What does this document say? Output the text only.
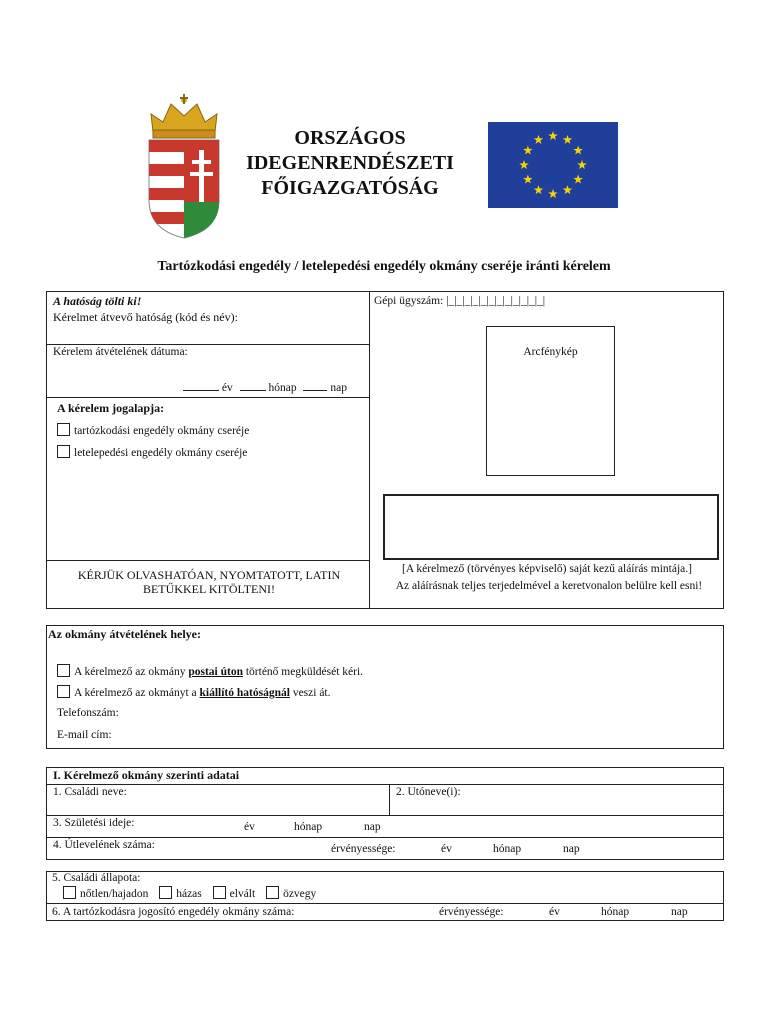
ORSZÁGOS
IDEGENRENDÉSZETI
FŐIGAZGATÓSÁG
Tartózkodási engedély / letelepedési engedély okmány cseréje iránti kérelem
A hatóság tölti ki!
Kérelmet átvevő hatóság (kód és név):
Kérelem átvételének dátuma:
év	hónap	nap
A kérelem jogalapja:
tartózkodási engedély okmány cseréje
letelepedési engedély okmány cseréje
KÉRJÜK OLVASHATÓAN, NYOMTATOTT, LATIN BETŰKKEL KITÖLTENI!
Gépi ügyszám: |_|_|_|_|_|_|_|_|_|_|_|_|
Arcfénykép
[A kérelmező (törvényes képviselő) saját kezű aláírás mintája.]
Az aláírásnak teljes terjedelmével a keretvonalon belülre kell esni!
Az okmány átvételének helye:
A kérelmező az okmány postai úton történő megküldését kéri.
A kérelmező az okmányt a kiállító hatóságnál veszi át.
Telefonszám:
E-mail cím:
I. Kérelmező okmány szerinti adatai
1. Családi neve:	2. Utóneve(i):
3. Születési ideje:	év	hónap	nap
4. Útlevelének száma:	érvényessége:	év	hónap	nap
5. Családi állapota:
nőtlen/hajadon házas elvált özvegy
6. A tartózkodásra jogosító engedély okmány száma:	érvényessége:	év	hónap	nap
